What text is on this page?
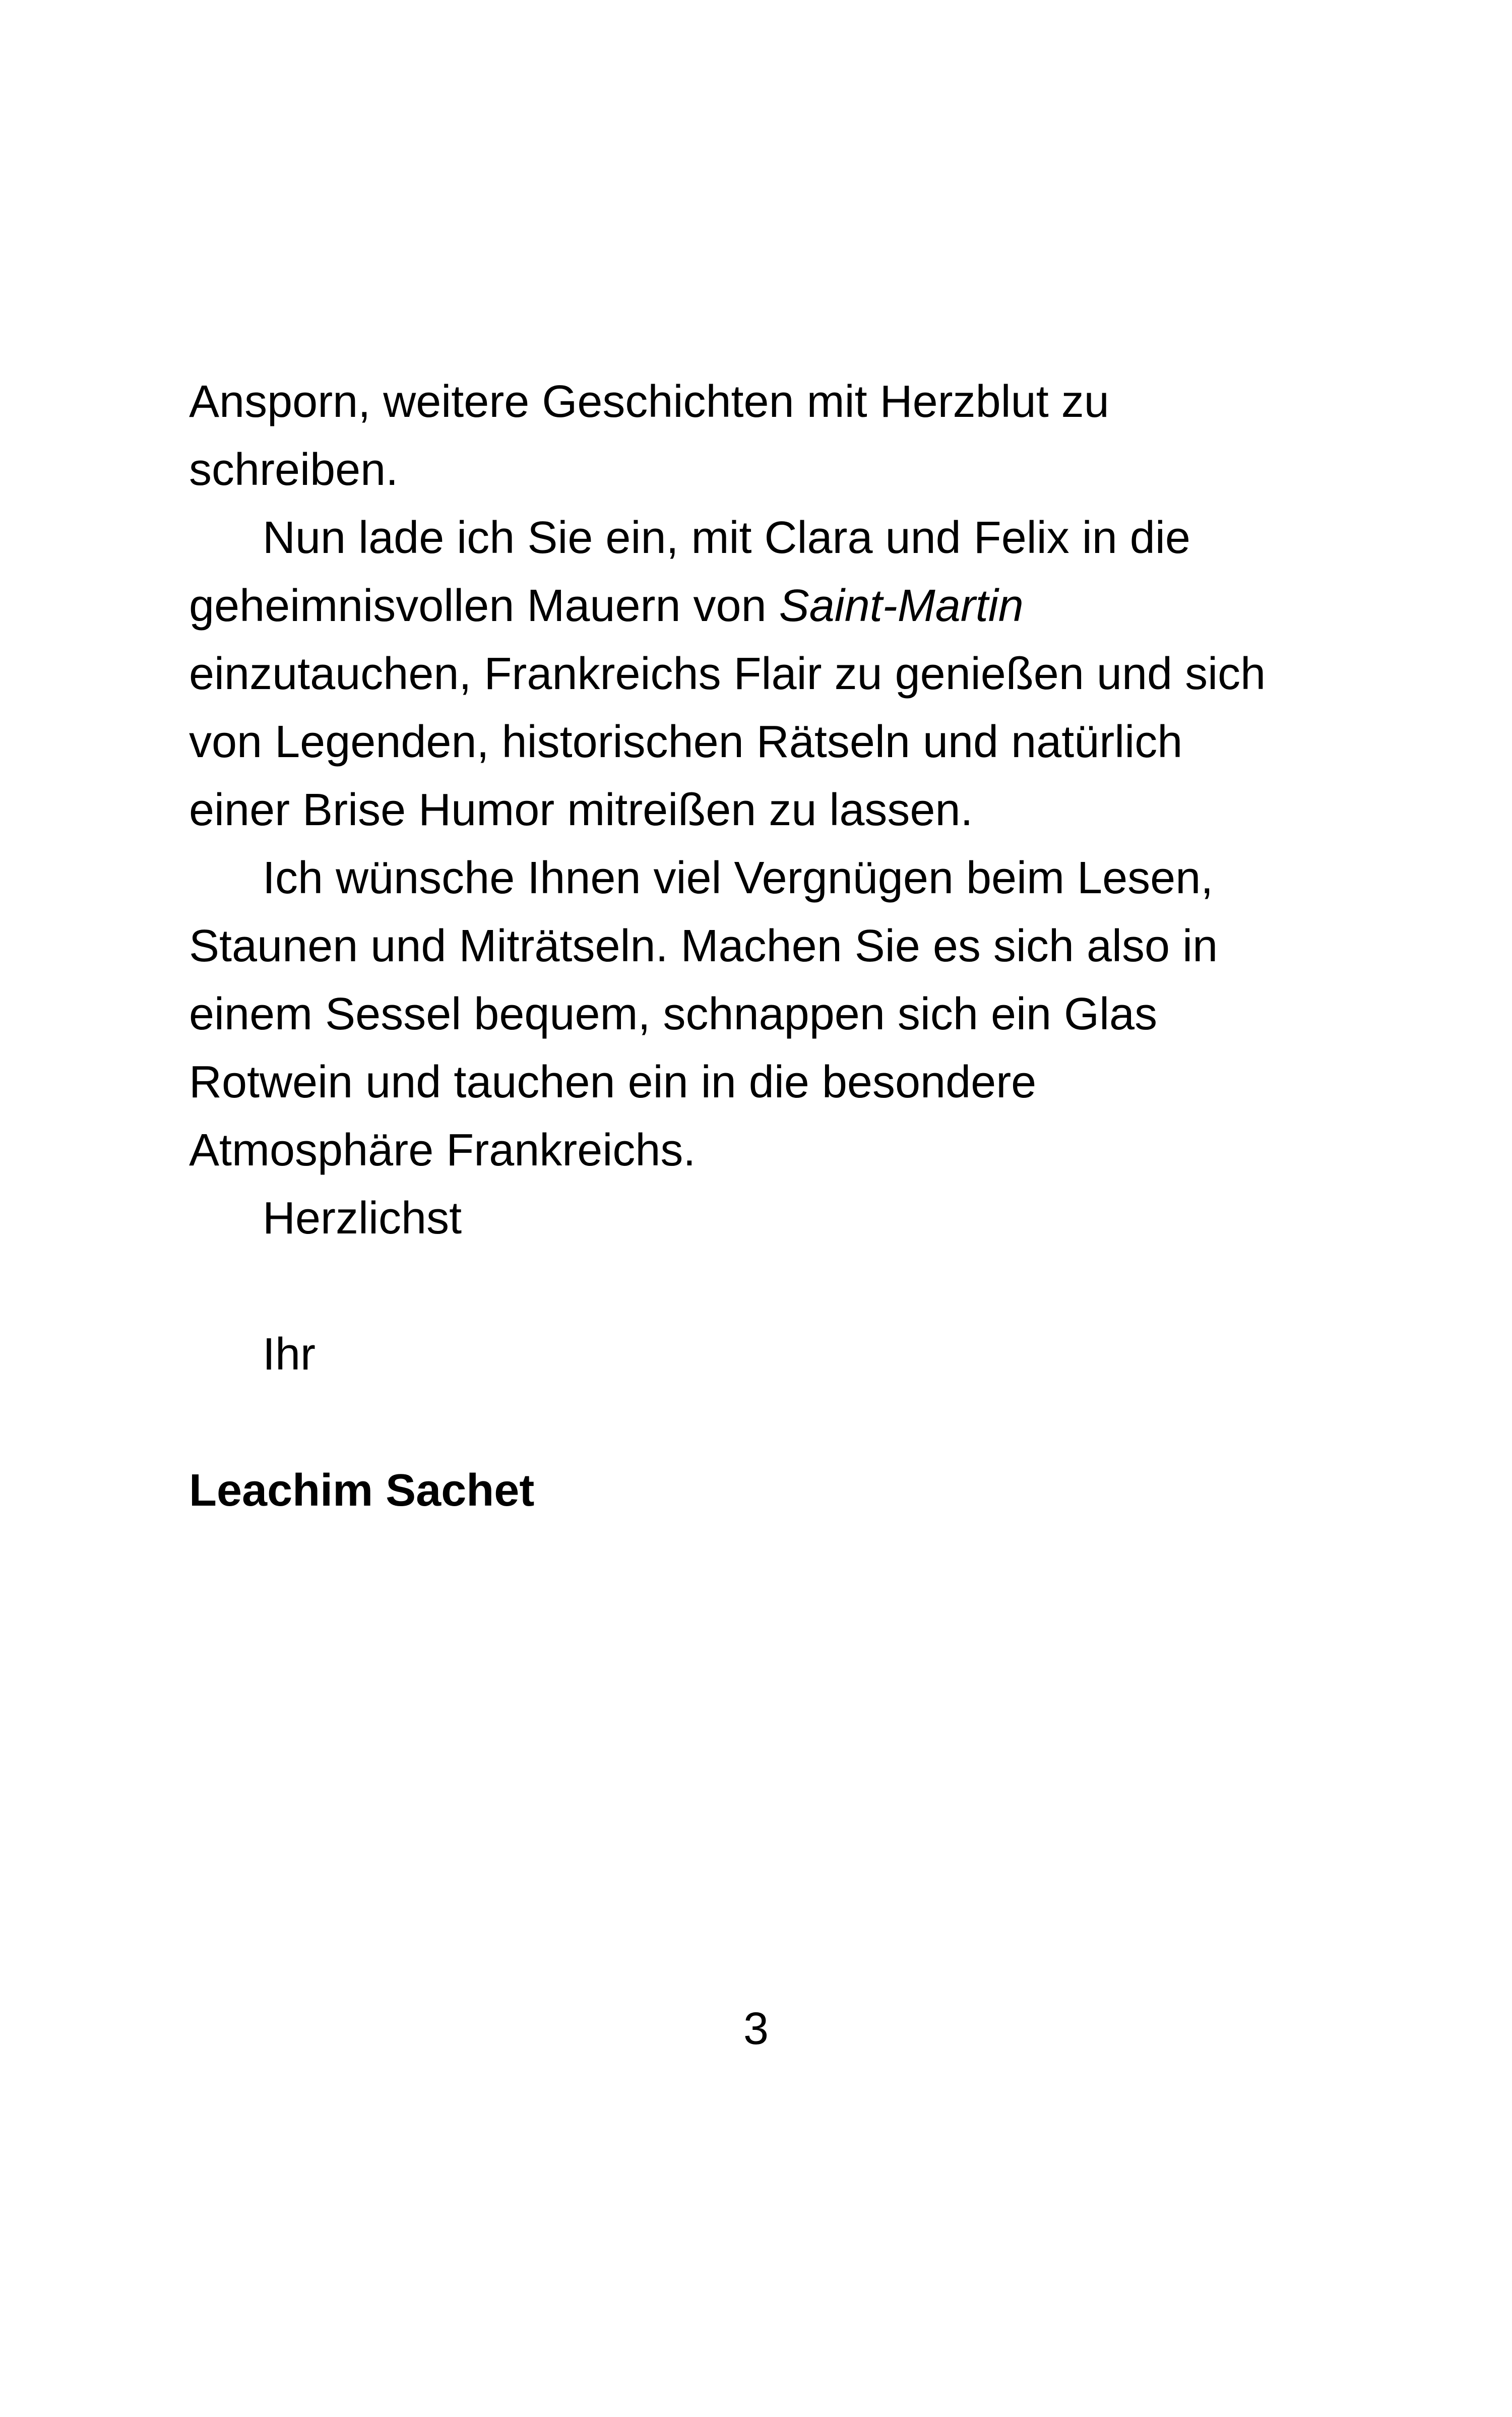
Ansporn, weitere Geschichten mit Herzblut zu
schreiben.
Nun lade ich Sie ein, mit Clara und Felix in die
geheimnisvollen Mauern von Saint-Martin
einzutauchen, Frankreichs Flair zu genießen und sich
von Legenden, historischen Rätseln und natürlich
einer Brise Humor mitreißen zu lassen.
Ich wünsche Ihnen viel Vergnügen beim Lesen,
Staunen und Miträtseln. Machen Sie es sich also in
einem Sessel bequem, schnappen sich ein Glas
Rotwein und tauchen ein in die besondere
Atmosphäre Frankreichs.
Herzlichst
Ihr
Leachim Sachet
3
